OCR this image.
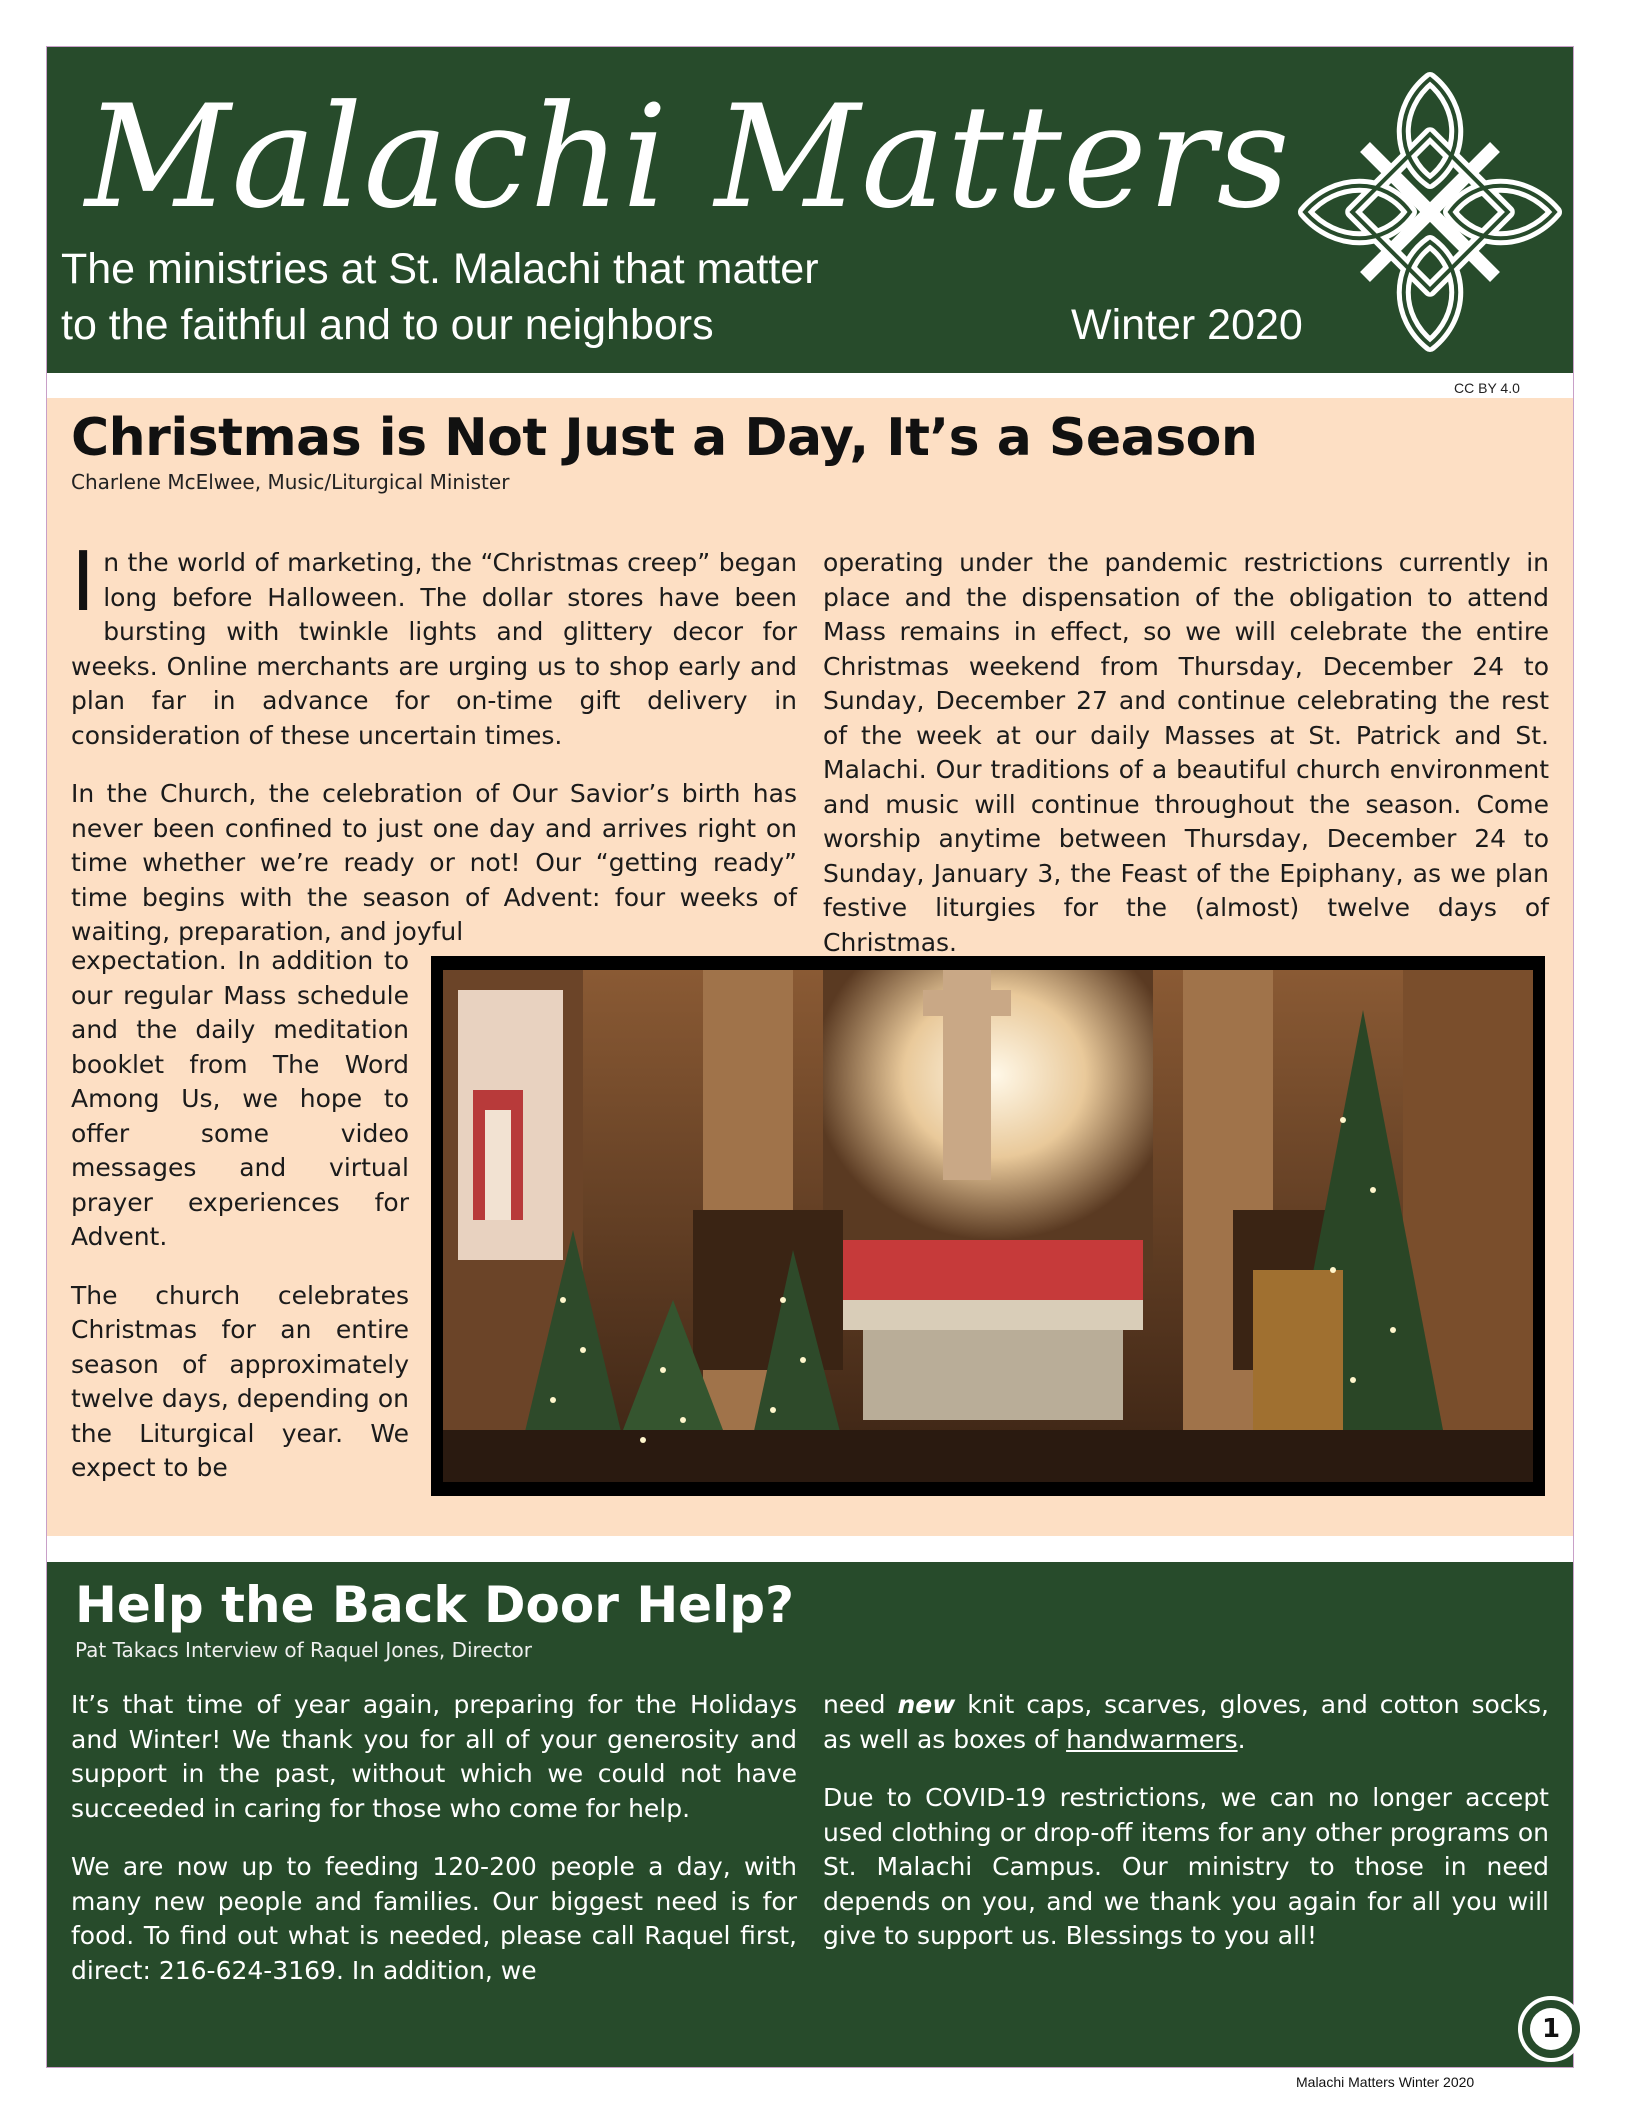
Malachi Matters

The ministries at St. Malachi that matter

to the faithful and to our neighbors	Winter 2020
CC BY 4.0
Christmas is Not Just a Day, It’s a Season
Charlene McElwee, Music/Liturgical Minister

In the world of marketing, the “Christmas creep” began long before Halloween. The dollar stores have been bursting with twinkle lights and glittery decor for weeks. Online merchants are urging us to shop early and plan far in advance for on-time gift delivery in consideration of these uncertain times.

In the Church, the celebration of Our Savior’s birth has never been confined to just one day and arrives right on time whether we’re ready or not! Our “getting ready” time begins with the season of Advent: four weeks of waiting, preparation, and joyful

expectation. In addition to our regular Mass schedule and the daily meditation booklet from The Word Among Us, we hope to offer some video messages and virtual prayer experiences for Advent.

The church celebrates Christmas for an entire season of approximately twelve days, depending on the Liturgical year. We expect to be

operating under the pandemic restrictions currently in place and the dispensation of the obligation to attend Mass remains in effect, so we will celebrate the entire Christmas weekend from Thursday, December 24 to Sunday, December 27 and continue celebrating the rest of the week at our daily Masses at St. Patrick and St. Malachi. Our traditions of a beautiful church environment and music will continue throughout the season. Come worship anytime between Thursday, December 24 to Sunday, January 3, the Feast of the Epiphany, as we plan festive liturgies for the (almost) twelve days of Christmas.

Help the Back Door Help?
Pat Takacs Interview of Raquel Jones, Director

It’s that time of year again, preparing for the Holidays and Winter! We thank you for all of your generosity and support in the past, without which we could not have succeeded in caring for those who come for help.

We are now up to feeding 120-200 people a day, with many new people and families. Our biggest need is for food. To find out what is needed, please call Raquel first, direct: 216-624-3169. In addition, we

need new knit caps, scarves, gloves, and cotton socks, as well as boxes of handwarmers.

Due to COVID-19 restrictions, we can no longer accept used clothing or drop-off items for any other programs on St. Malachi Campus. Our ministry to those in need depends on you, and we thank you again for all you will give to support us. Blessings to you all!

1
Malachi Matters Winter 2020
